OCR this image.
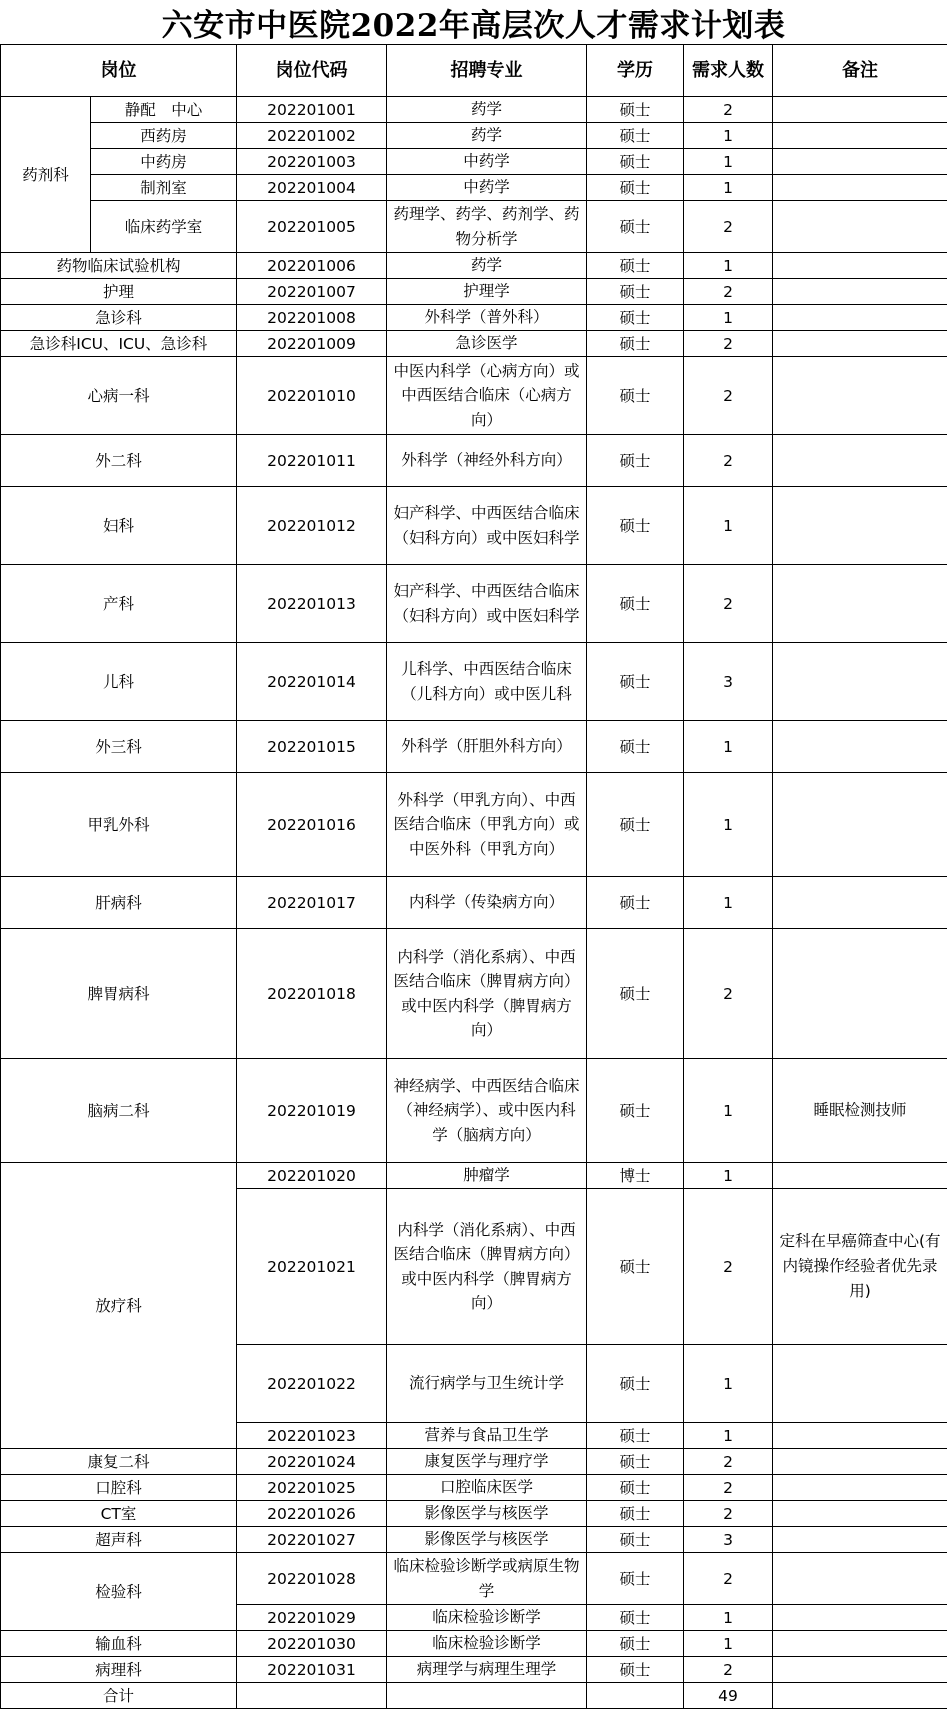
六安市中医院2022年高层次人才需求计划表
岗位		岗位代码	招聘专业	学历	需求人数	备注
药剂科	静配　中心	202201001	药学	硕士	2	
	西药房	202201002	药学	硕士	1	
	中药房	202201003	中药学	硕士	1	
	制剂室	202201004	中药学	硕士	1	
	临床药学室	202201005	药理学、药学、药剂学、药物分析学	硕士	2	
药物临床试验机构		202201006	药学	硕士	1	
护理		202201007	护理学	硕士	2	
急诊科		202201008	外科学（普外科）	硕士	1	
急诊科ICU、ICU、急诊科		202201009	急诊医学	硕士	2	
心病一科		202201010	中医内科学（心病方向）或中西医结合临床（心病方向）	硕士	2	
外二科		202201011	外科学（神经外科方向）	硕士	2	
妇科		202201012	妇产科学、中西医结合临床（妇科方向）或中医妇科学	硕士	1	
产科		202201013	妇产科学、中西医结合临床（妇科方向）或中医妇科学	硕士	2	
儿科		202201014	儿科学、中西医结合临床（儿科方向）或中医儿科	硕士	3	
外三科		202201015	外科学（肝胆外科方向）	硕士	1	
甲乳外科		202201016	外科学（甲乳方向）、中西医结合临床（甲乳方向）或中医外科（甲乳方向）	硕士	1	
肝病科		202201017	内科学（传染病方向）	硕士	1	
脾胃病科		202201018	内科学（消化系病）、中西医结合临床（脾胃病方向）或中医内科学（脾胃病方向）	硕士	2	
脑病二科		202201019	神经病学、中西医结合临床（神经病学）、或中医内科学（脑病方向）	硕士	1	睡眠检测技师
放疗科		202201020	肿瘤学	博士	1	
		202201021	内科学（消化系病）、中西医结合临床（脾胃病方向）或中医内科学（脾胃病方向）	硕士	2	定科在早癌筛查中心(有内镜操作经验者优先录用)
		202201022	流行病学与卫生统计学	硕士	1	
		202201023	营养与食品卫生学	硕士	1	
康复二科		202201024	康复医学与理疗学	硕士	2	
口腔科		202201025	口腔临床医学	硕士	2	
CT室		202201026	影像医学与核医学	硕士	2	
超声科		202201027	影像医学与核医学	硕士	3	
检验科		202201028	临床检验诊断学或病原生物学	硕士	2	
		202201029	临床检验诊断学	硕士	1	
输血科		202201030	临床检验诊断学	硕士	1	
病理科		202201031	病理学与病理生理学	硕士	2	
合计					49	
